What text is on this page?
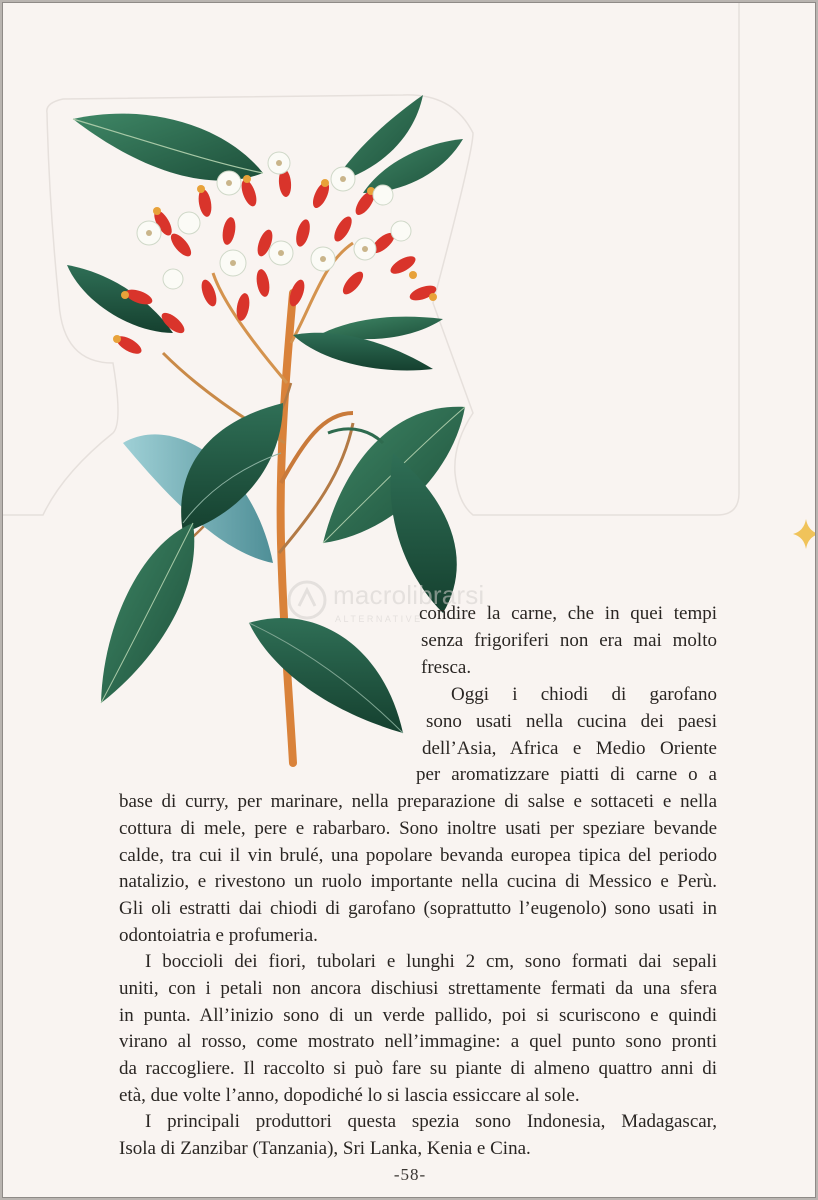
macrolibrarsi
ALTERNATIVE
condire la carne, che in quei tempi
senza frigoriferi non era mai molto
fresca.
Oggi i chiodi di garofano
sono usati nella cucina dei paesi
dell’Asia, Africa e Medio Oriente
per aromatizzare piatti di carne o a
base di curry, per marinare, nella preparazione di salse e sottaceti e nella
cottura di mele, pere e rabarbaro. Sono inoltre usati per speziare bevande
calde, tra cui il vin brulé, una popolare bevanda europea tipica del periodo
natalizio, e rivestono un ruolo importante nella cucina di Messico e Perù.
Gli oli estratti dai chiodi di garofano (soprattutto l’eugenolo) sono usati in
odontoiatria e profumeria.
I boccioli dei fiori, tubolari e lunghi 2 cm, sono formati dai sepali
uniti, con i petali non ancora dischiusi strettamente fermati da una sfera
in punta. All’inizio sono di un verde pallido, poi si scuriscono e quindi
virano al rosso, come mostrato nell’immagine: a quel punto sono pronti
da raccogliere. Il raccolto si può fare su piante di almeno quattro anni di
età, due volte l’anno, dopodiché lo si lascia essiccare al sole.
I principali produttori questa spezia sono Indonesia, Madagascar,
Isola di Zanzibar (Tanzania), Sri Lanka, Kenia e Cina.
-58-
